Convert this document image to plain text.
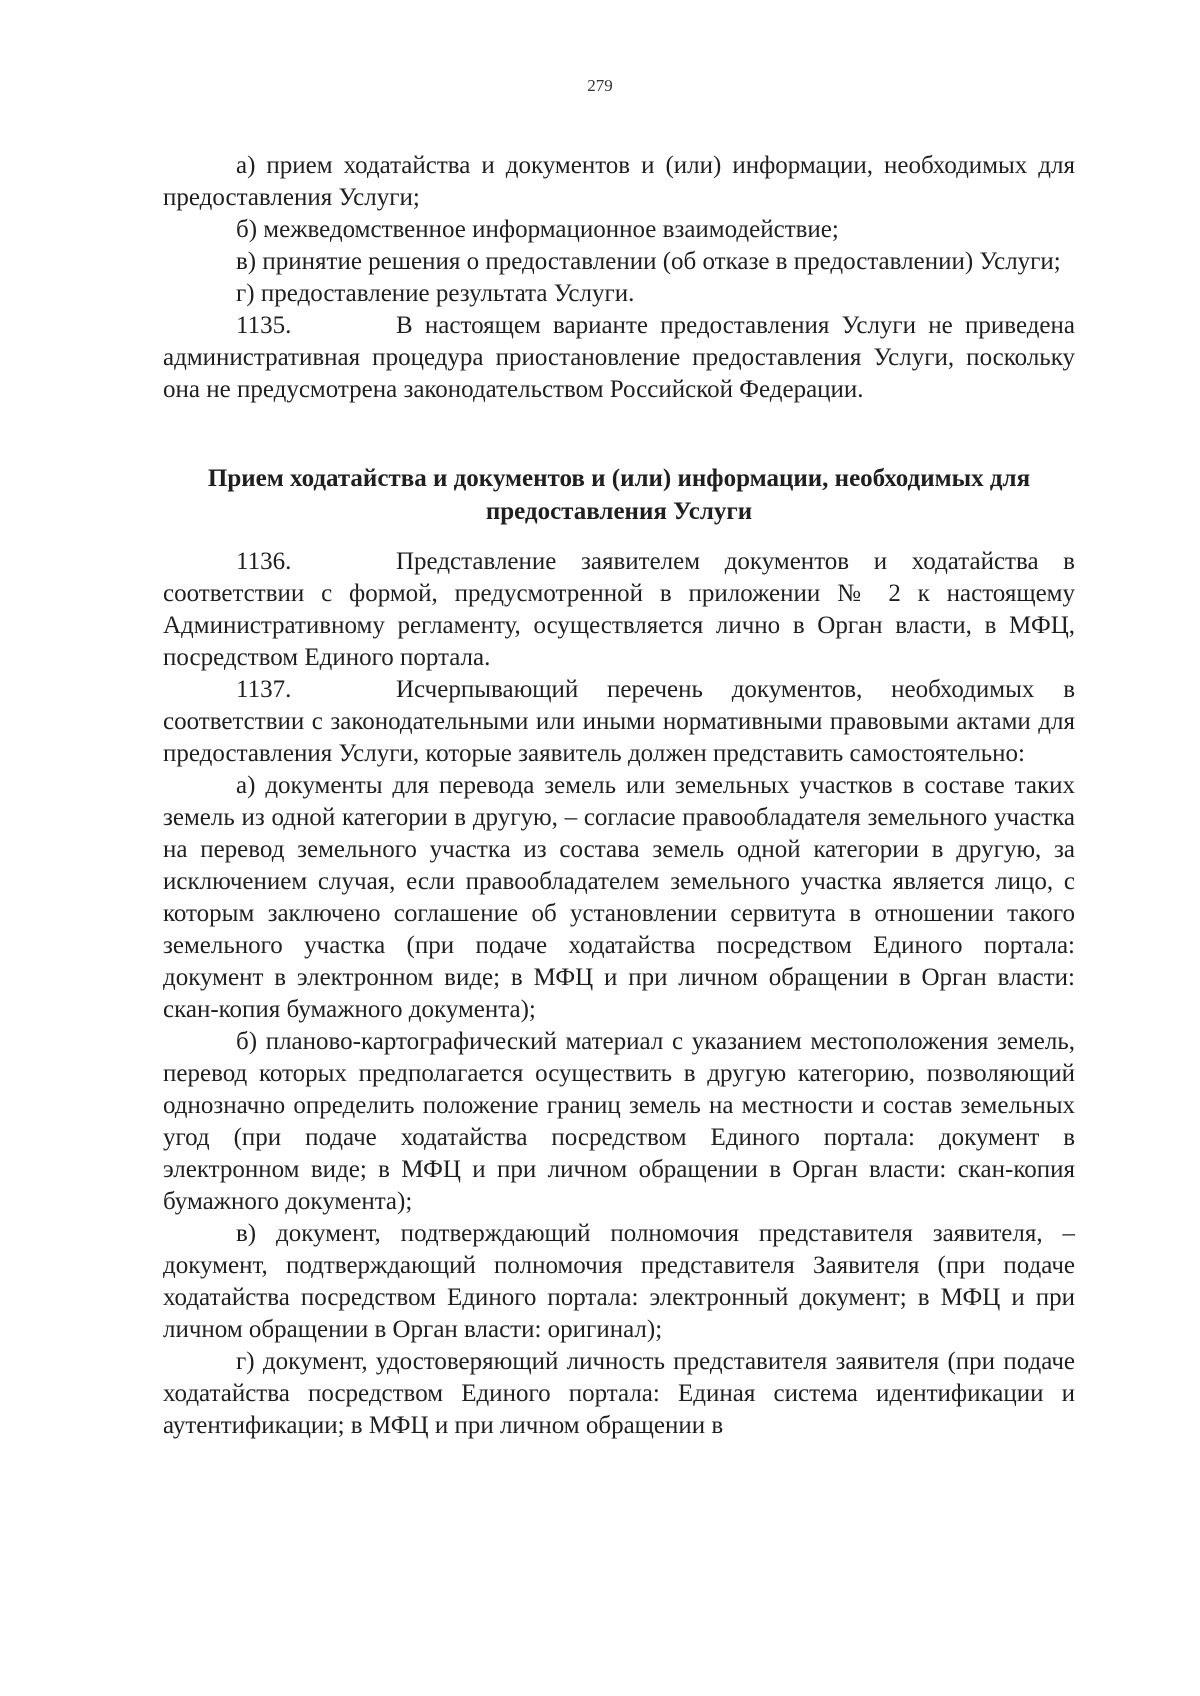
279

а) прием ходатайства и документов и (или) информации, необходимых для предоставления Услуги;

б) межведомственное информационное взаимодействие;

в) принятие решения о предоставлении (об отказе в предоставлении) Услуги;

г) предоставление результата Услуги.

1135.	В настоящем варианте предоставления Услуги не приведена административная процедура приостановление предоставления Услуги, поскольку она не предусмотрена законодательством Российской Федерации.

Прием ходатайства и документов и (или) информации, необходимых для предоставления Услуги

1136.	Представление заявителем документов и ходатайства в соответствии с формой, предусмотренной в приложении № 2 к настоящему Административному регламенту, осуществляется лично в Орган власти, в МФЦ, посредством Единого портала.

1137.	Исчерпывающий перечень документов, необходимых в соответствии с законодательными или иными нормативными правовыми актами для предоставления Услуги, которые заявитель должен представить самостоятельно:

а) документы для перевода земель или земельных участков в составе таких земель из одной категории в другую, – согласие правообладателя земельного участка на перевод земельного участка из состава земель одной категории в другую, за исключением случая, если правообладателем земельного участка является лицо, с которым заключено соглашение об установлении сервитута в отношении такого земельного участка (при подаче ходатайства посредством Единого портала: документ в электронном виде; в МФЦ и при личном обращении в Орган власти: скан-копия бумажного документа);

б) планово-картографический материал с указанием местоположения земель, перевод которых предполагается осуществить в другую категорию, позволяющий однозначно определить положение границ земель на местности и состав земельных угод (при подаче ходатайства посредством Единого портала: документ в электронном виде; в МФЦ и при личном обращении в Орган власти: скан-копия бумажного документа);

в) документ, подтверждающий полномочия представителя заявителя, – документ, подтверждающий полномочия представителя Заявителя (при подаче ходатайства посредством Единого портала: электронный документ; в МФЦ и при личном обращении в Орган власти: оригинал);

г) документ, удостоверяющий личность представителя заявителя (при подаче ходатайства посредством Единого портала: Единая система идентификации и аутентификации; в МФЦ и при личном обращении в
